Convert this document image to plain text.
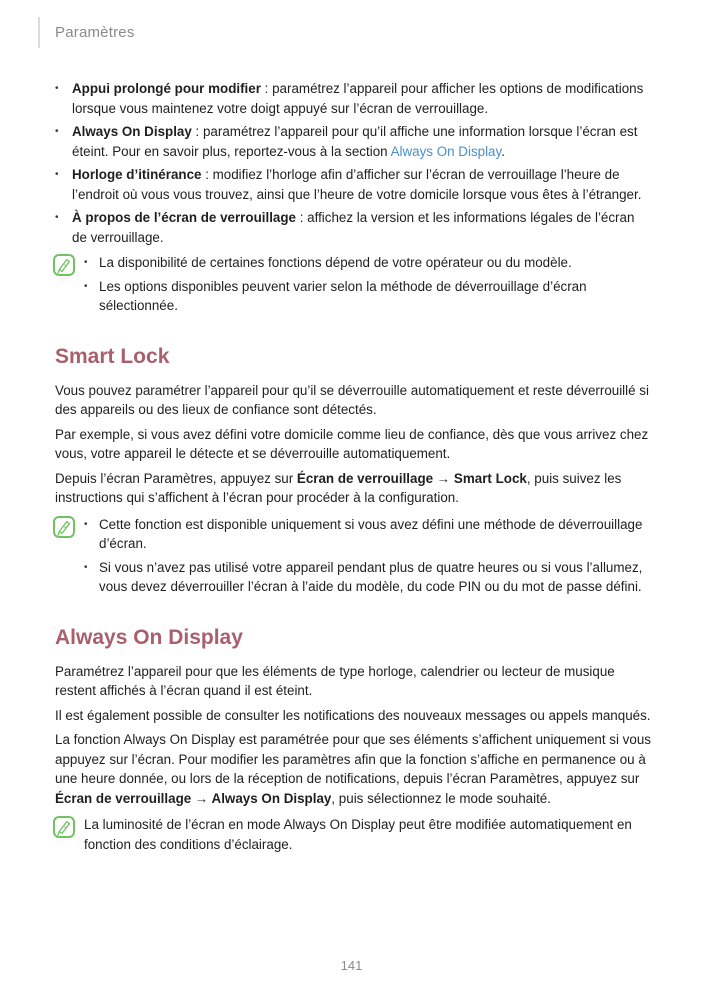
Paramètres
•
Appui prolongé pour modifier : paramétrez l’appareil pour afficher les options de modifications lorsque vous maintenez votre doigt appuyé sur l’écran de verrouillage.
•
Always On Display : paramétrez l’appareil pour qu’il affiche une information lorsque l’écran est éteint. Pour en savoir plus, reportez-vous à la section Always On Display.
•
Horloge d’itinérance : modifiez l’horloge afin d’afficher sur l’écran de verrouillage l’heure de l’endroit où vous vous trouvez, ainsi que l’heure de votre domicile lorsque vous êtes à l’étranger.
•
À propos de l’écran de verrouillage : affichez la version et les informations légales de l’écran de verrouillage.
•
La disponibilité de certaines fonctions dépend de votre opérateur ou du modèle.
•
Les options disponibles peuvent varier selon la méthode de déverrouillage d’écran sélectionnée.
Smart Lock

Vous pouvez paramétrer l’appareil pour qu’il se déverrouille automatiquement et reste déverrouillé si des appareils ou des lieux de confiance sont détectés.

Par exemple, si vous avez défini votre domicile comme lieu de confiance, dès que vous arrivez chez vous, votre appareil le détecte et se déverrouille automatiquement.

Depuis l’écran Paramètres, appuyez sur Écran de verrouillage → Smart Lock, puis suivez les instructions qui s’affichent à l’écran pour procéder à la configuration.

•
Cette fonction est disponible uniquement si vous avez défini une méthode de déverrouillage d’écran.
•
Si vous n’avez pas utilisé votre appareil pendant plus de quatre heures ou si vous l’allumez, vous devez déverrouiller l’écran à l’aide du modèle, du code PIN ou du mot de passe défini.
Always On Display

Paramétrez l’appareil pour que les éléments de type horloge, calendrier ou lecteur de musique restent affichés à l’écran quand il est éteint.

Il est également possible de consulter les notifications des nouveaux messages ou appels manqués.

La fonction Always On Display est paramétrée pour que ses éléments s’affichent uniquement si vous appuyez sur l’écran. Pour modifier les paramètres afin que la fonction s’affiche en permanence ou à une heure donnée, ou lors de la réception de notifications, depuis l’écran Paramètres, appuyez sur Écran de verrouillage → Always On Display, puis sélectionnez le mode souhaité.

La luminosité de l’écran en mode Always On Display peut être modifiée automatiquement en fonction des conditions d’éclairage.

141
